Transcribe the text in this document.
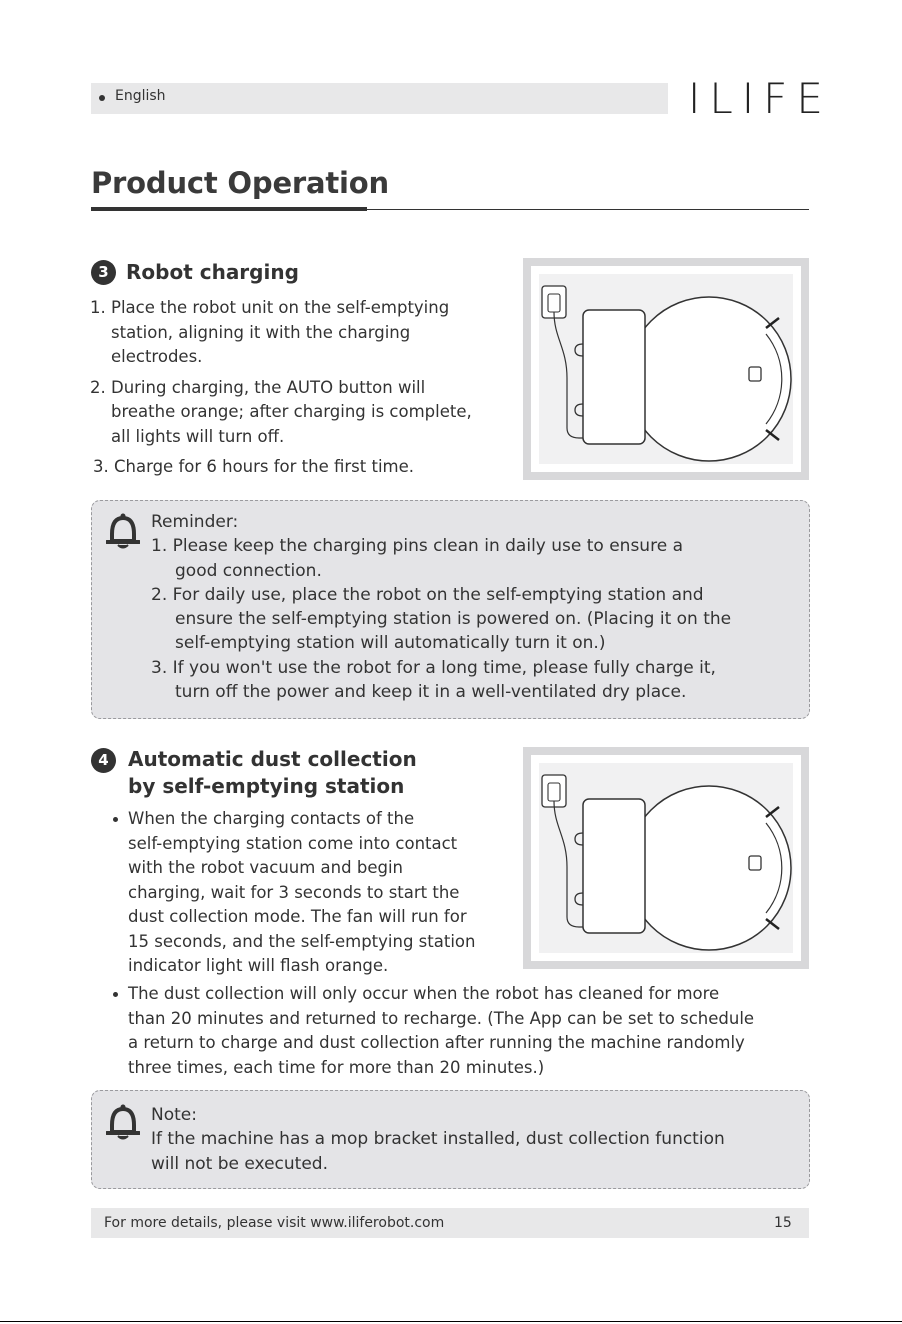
English	ILIFE
Product Operation
3 Robot charging
1. Place the robot unit on the self-emptying
station, aligning it with the charging
electrodes.
2. During charging, the AUTO button will
breathe orange; after charging is complete,
all lights will turn off.
3. Charge for 6 hours for the first time.
Reminder:
1. Please keep the charging pins clean in daily use to ensure a
good connection.
2. For daily use, place the robot on the self-emptying station and
ensure the self-emptying station is powered on. (Placing it on the
self-emptying station will automatically turn it on.)
3. If you won't use the robot for a long time, please fully charge it,
turn off the power and keep it in a well-ventilated dry place.
4 Automatic dust collection
by self-emptying station
When the charging contacts of the
self-emptying station come into contact
with the robot vacuum and begin
charging, wait for 3 seconds to start the
dust collection mode. The fan will run for
15 seconds, and the self-emptying station
indicator light will flash orange.
The dust collection will only occur when the robot has cleaned for more
than 20 minutes and returned to recharge. (The App can be set to schedule
a return to charge and dust collection after running the machine randomly
three times, each time for more than 20 minutes.)
Note:
If the machine has a mop bracket installed, dust collection function
will not be executed.
For more details, please visit www.iliferobot.com	15
